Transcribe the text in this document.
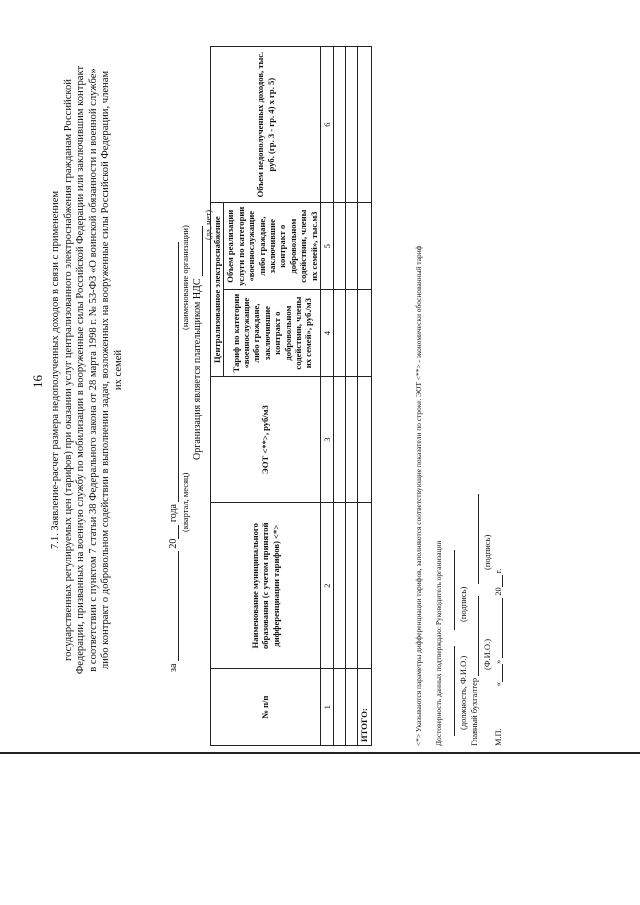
16 7.1. Заявление-расчет размера недополученных доходов в связи с применением государственных регулируемых цен (тарифов) при оказании услуг централизованного электроснабжения гражданам Российской Федерации, призванных на военную службу по мобилизации в вооруженные силы Российской Федерации или заключившим контракт в соответствии с пунктом 7 статьи 38 Федерального закона от 28 марта 1998 г. № 53-ФЗ «О воинской обязанности и военной службе» либо контракт о добровольном содействии в выполнении задач, возложенных на вооруженные силы Российской Федерации, членам их семей
за  20 года (квартал, месяц)
(наименование организации)
Организация является плательщиком НДС
(да, нет)
№ п/п	Наименование муниципального образования (с учетом принятой дифференциации тарифов) <*>	ЭОТ <**>, руб/м3	Централизованное электроснабжение		Объем недополученных доходов, тыс. руб. (гр. 3 - гр. 4) x гр. 5)
			Тариф по категории «военнослужащие либо граждане, заключившие контракт о добровольном содействии, члены их семей», руб./м3	Объем реализации услуги по категории «военнослужащие либо граждане, заключившие контракт о добровольном содействии, члены их семей», тыс.м3	
1	2	3	4	5	6

ИТОГО:						<*> Указываются параметры дифференциации тарифов, заполняются соответствующие показатели по строке. ЭОТ <**> - экономически обоснованный тариф Достоверность данных подтверждаю: Руководитель организации
(должность, Ф.И.О.)
(подпись)
Главный бухгалтер
(Ф.И.О.)
(подпись)
М.П. «»  20 г.
